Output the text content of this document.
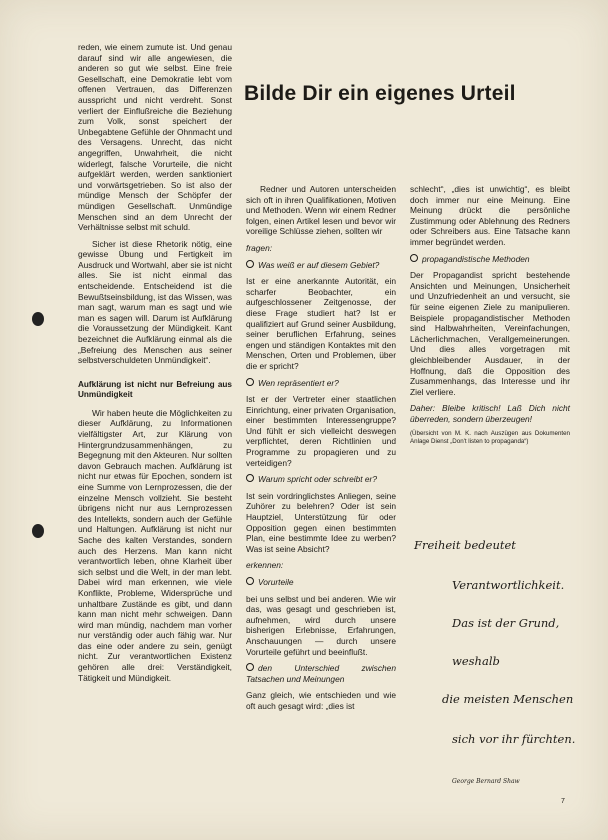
Bilde Dir ein eigenes Urteil

reden, wie einem zumute ist. Und genau darauf sind wir alle angewiesen, die anderen so gut wie selbst. Eine freie Gesellschaft, eine Demokratie lebt vom offenen Vertrauen, das Differenzen ausspricht und nicht verdreht. Sonst verliert der Einflußreiche die Beziehung zum Volk, sonst speichert der Unbegabtene Gefühle der Ohnmacht und des Versagens. Unrecht, das nicht angegriffen, Unwahrheit, die nicht widerlegt, falsche Vorurteile, die nicht aufgeklärt werden, werden sanktioniert und vorwärtsgetrieben. So ist also der mündige Mensch der Schöpfer der mündigen Gesellschaft. Unmündige Menschen sind an dem Unrecht der Verhältnisse selbst mit schuld.

Sicher ist diese Rhetorik nötig, eine gewisse Übung und Fertigkeit im Ausdruck und Wortwahl, aber sie ist nicht alles. Sie ist nicht einmal das entscheidende. Entscheidend ist die Bewußtseinsbildung, ist das Wissen, was man sagt, warum man es sagt und wie man es sagen will. Darum ist Aufklärung die Voraussetzung der Mündigkeit. Kant bezeichnet die Aufklärung einmal als die „Befreiung des Menschen aus seiner selbstverschuldeten Unmündigkeit“.

Aufklärung ist nicht nur Befreiung aus Unmündigkeit

Wir haben heute die Möglichkeiten zu dieser Aufklärung, zu Informationen vielfältigster Art, zur Klärung von Hintergrundzusammenhängen, zu Begegnung mit den Akteuren. Nur sollten davon Gebrauch machen. Aufklärung ist nicht nur etwas für Epochen, sondern ist eine Summe von Lernprozessen, die der einzelne Mensch vollzieht. Sie besteht übrigens nicht nur aus Lernprozessen des Intellekts, sondern auch der Gefühle und Haltungen. Aufklärung ist nicht nur Sache des kalten Verstandes, sondern auch des Herzens. Man kann nicht verantwortlich leben, ohne Klarheit über sich selbst und die Welt, in der man lebt. Dabei wird man erkennen, wie viele Konflikte, Probleme, Widersprüche und unhaltbare Zustände es gibt, und dann kann man nicht mehr schweigen. Dann wird man mündig, nachdem man vorher nur verständig oder auch fähig war. Nur das eine oder andere zu sein, genügt nicht. Zur verantwortlichen Existenz gehören alle drei: Verständigkeit, Tätigkeit und Mündigkeit.

Redner und Autoren unterscheiden sich oft in ihren Qualifikationen, Motiven und Methoden. Wenn wir einem Redner folgen, einen Artikel lesen und bevor wir voreilige Schlüsse ziehen, sollten wir

fragen:

Was weiß er auf diesem Gebiet?

Ist er eine anerkannte Autorität, ein scharfer Beobachter, ein aufgeschlossener Zeitgenosse, der diese Frage studiert hat? Ist er qualifiziert auf Grund seiner Ausbildung, seiner beruflichen Erfahrung, seines engen und ständigen Kontaktes mit den Menschen, Orten und Problemen, über die er spricht?

Wen repräsentiert er?

Ist er der Vertreter einer staatlichen Einrichtung, einer privaten Organisation, einer bestimmten Interessengruppe? Und fühlt er sich vielleicht deswegen verpflichtet, deren Richtlinien und Programme zu propagieren und zu verteidigen?

Warum spricht oder schreibt er?

Ist sein vordringlichstes Anliegen, seine Zuhörer zu belehren? Oder ist sein Hauptziel, Unterstützung für oder Opposition gegen einen bestimmten Plan, eine bestimmte Idee zu werben? Was ist seine Absicht?

erkennen:

Vorurteile

bei uns selbst und bei anderen. Wie wir das, was gesagt und geschrieben ist, aufnehmen, wird durch unsere bisherigen Erlebnisse, Erfahrungen, Anschauungen — durch unsere Vorurteile geführt und beeinflußt.

den Unterschied zwischen Tatsachen und Meinungen

Ganz gleich, wie entschieden und wie oft auch gesagt wird: „dies ist

schlecht“, „dies ist unwichtig“, es bleibt doch immer nur eine Meinung. Eine Meinung drückt die persönliche Zustimmung oder Ablehnung des Redners oder Schreibers aus. Eine Tatsache kann immer begründet werden.

propagandistische Methoden

Der Propagandist spricht bestehende Ansichten und Meinungen, Unsicherheit und Unzufriedenheit an und versucht, sie für seine eigenen Ziele zu manipulieren. Beispiele propagandistischer Methoden sind Halbwahrheiten, Vereinfachungen, Lächerlichmachen, Verallgemeinerungen. Und dies alles vorgetragen mit gleichbleibender Ausdauer, in der Hoffnung, daß die Opposition des Zusammenhangs, das Interesse und ihr Ziel verliere.

Daher: Bleibe kritisch! Laß Dich nicht überreden, sondern überzeugen!

(Übersicht von M. K. nach Auszügen aus Dokumenten Anlage Dienst „Don't listen to propaganda“)
Freiheit bedeutet
Verantwortlichkeit.
Das ist der Grund,
weshalb
die meisten Menschen
sich vor ihr fürchten.
George Bernard Shaw
7
